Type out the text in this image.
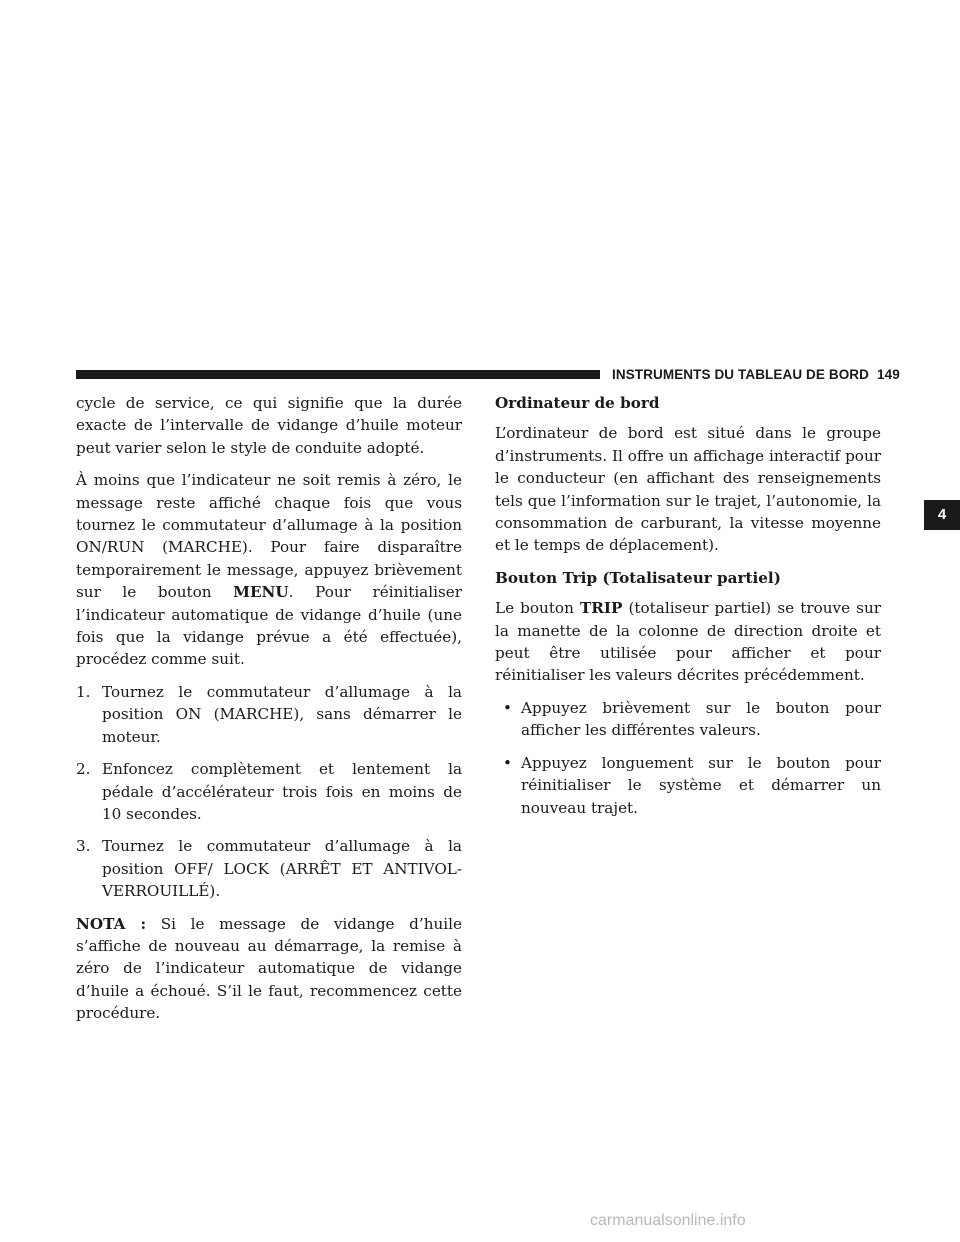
INSTRUMENTS DU TABLEAU DE BORD 149

cycle de service, ce qui signifie que la durée exacte de l’intervalle de vidange d’huile moteur peut varier selon le style de conduite adopté.

À moins que l’indicateur ne soit remis à zéro, le message reste affiché chaque fois que vous tournez le commutateur d’allumage à la position ON/RUN (MARCHE). Pour faire disparaître temporairement le message, appuyez brièvement sur le bouton MENU. Pour réinitialiser l’indicateur automatique de vidange d’huile (une fois que la vidange prévue a été effectuée), procédez comme suit.

1. Tournez le commutateur d’allumage à la position ON (MARCHE), sans démarrer le moteur.
2. Enfoncez complètement et lentement la pédale d’accélérateur trois fois en moins de 10 secondes.
3. Tournez le commutateur d’allumage à la position OFF/ LOCK (ARRÊT ET ANTIVOL-VERROUILLÉ).

NOTA : Si le message de vidange d’huile s’affiche de nouveau au démarrage, la remise à zéro de l’indicateur automatique de vidange d’huile a échoué. S’il le faut, recommencez cette procédure.

Ordinateur de bord

L’ordinateur de bord est situé dans le groupe d’instruments. Il offre un affichage interactif pour le conducteur (en affichant des renseignements tels que l’information sur le trajet, l’autonomie, la consommation de carburant, la vitesse moyenne et le temps de déplacement).

Bouton Trip (Totalisateur partiel)

Le bouton TRIP (totaliseur partiel) se trouve sur la manette de la colonne de direction droite et peut être utilisée pour afficher et pour réinitialiser les valeurs décrites précédemment.

• Appuyez brièvement sur le bouton pour afficher les différentes valeurs.
• Appuyez longuement sur le bouton pour réinitialiser le système et démarrer un nouveau trajet.
4
carmanualsonline.info
